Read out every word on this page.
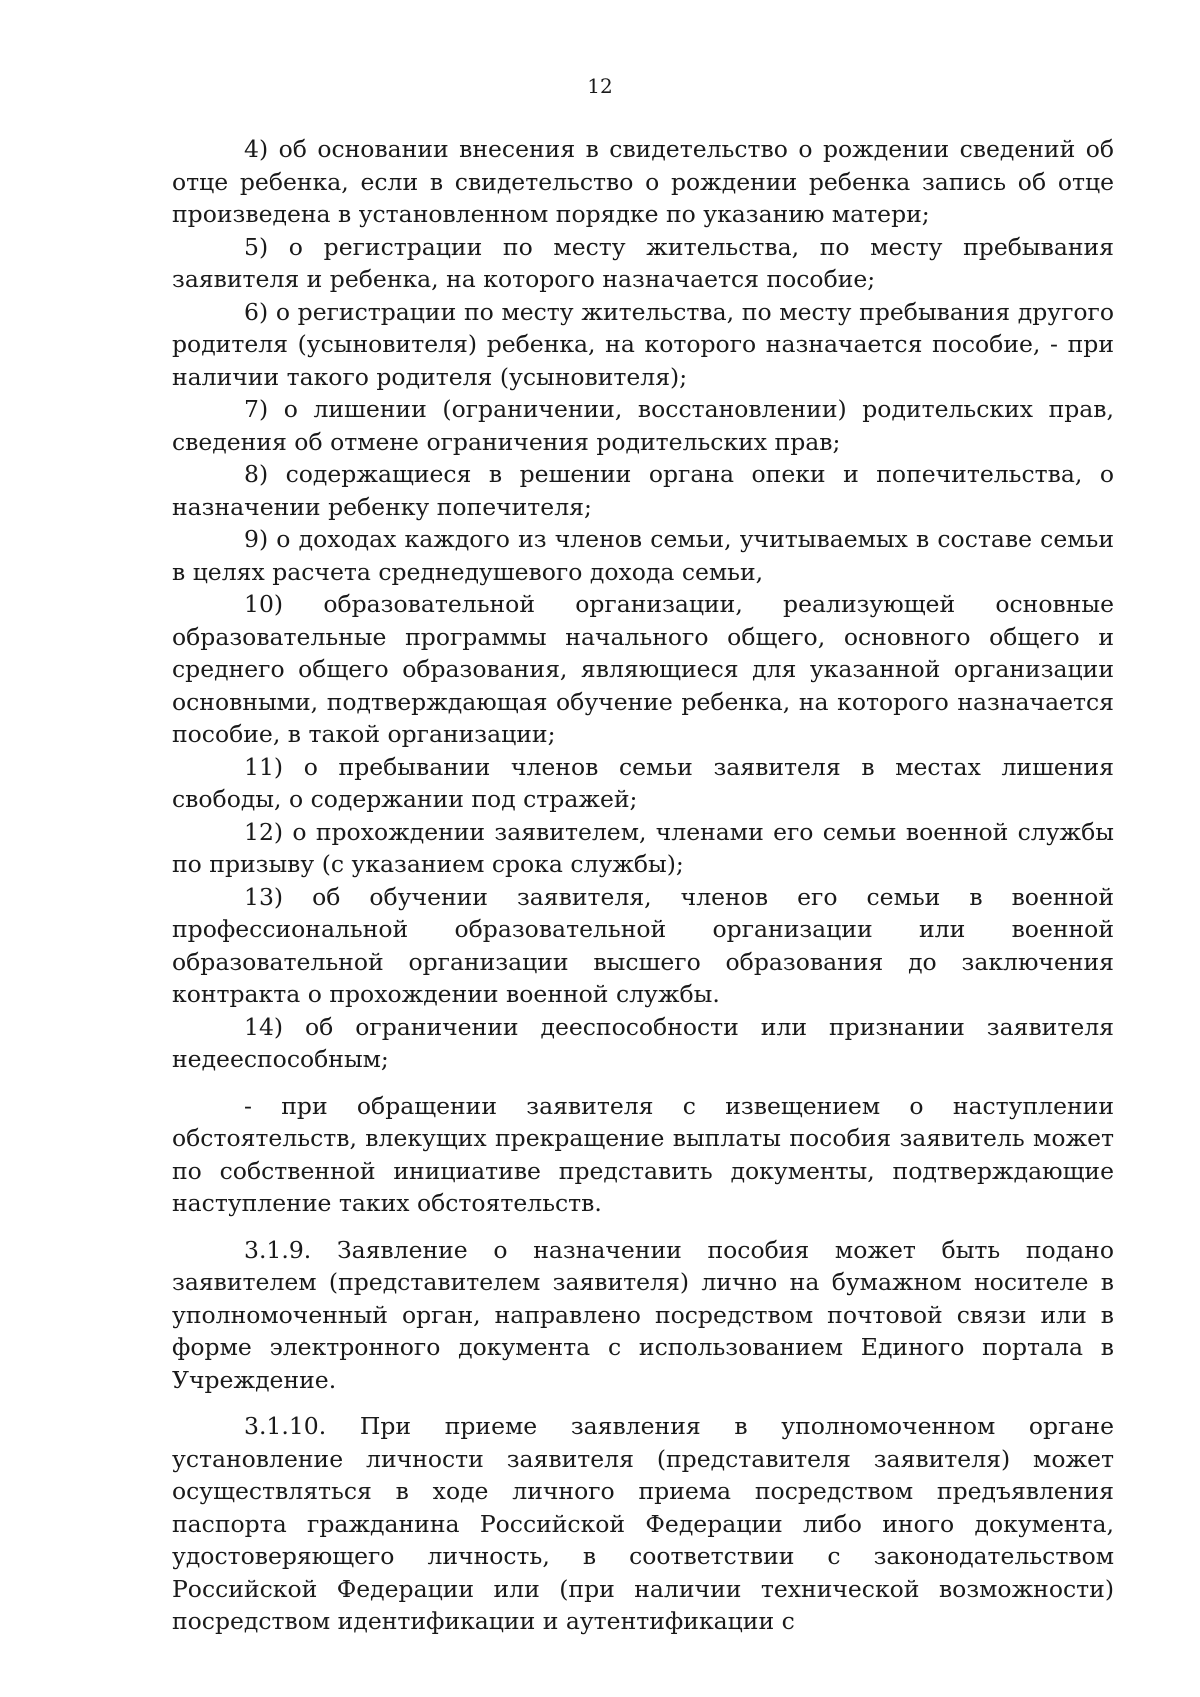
12

4) об основании внесения в свидетельство о рождении сведений об отце ребенка, если в свидетельство о рождении ребенка запись об отце произведена в установленном порядке по указанию матери;

5) о регистрации по месту жительства, по месту пребывания заявителя и ребенка, на которого назначается пособие;

6) о регистрации по месту жительства, по месту пребывания другого родителя (усыновителя) ребенка, на которого назначается пособие, - при наличии такого родителя (усыновителя);

7) о лишении (ограничении, восстановлении) родительских прав, сведения об отмене ограничения родительских прав;

8) содержащиеся в решении органа опеки и попечительства, о назначении ребенку попечителя;

9) о доходах каждого из членов семьи, учитываемых в составе семьи в целях расчета среднедушевого дохода семьи,

10) образовательной организации, реализующей основные образовательные программы начального общего, основного общего и среднего общего образования, являющиеся для указанной организации основными, подтверждающая обучение ребенка, на которого назначается пособие, в такой организации;

11) о пребывании членов семьи заявителя в местах лишения свободы, о содержании под стражей;

12) о прохождении заявителем, членами его семьи военной службы по призыву (с указанием срока службы);

13) об обучении заявителя, членов его семьи в военной профессиональной образовательной организации или военной образовательной организации высшего образования до заключения контракта о прохождении военной службы.

14) об ограничении дееспособности или признании заявителя недееспособным;

- при обращении заявителя с извещением о наступлении обстоятельств, влекущих прекращение выплаты пособия заявитель может по собственной инициативе представить документы, подтверждающие наступление таких обстоятельств.

3.1.9. Заявление о назначении пособия может быть подано заявителем (представителем заявителя) лично на бумажном носителе в уполномоченный орган, направлено посредством почтовой связи или в форме электронного документа с использованием Единого портала в Учреждение.

3.1.10. При приеме заявления в уполномоченном органе установление личности заявителя (представителя заявителя) может осуществляться в ходе личного приема посредством предъявления паспорта гражданина Российской Федерации либо иного документа, удостоверяющего личность, в соответствии с законодательством Российской Федерации или (при наличии технической возможности) посредством идентификации и аутентификации с
